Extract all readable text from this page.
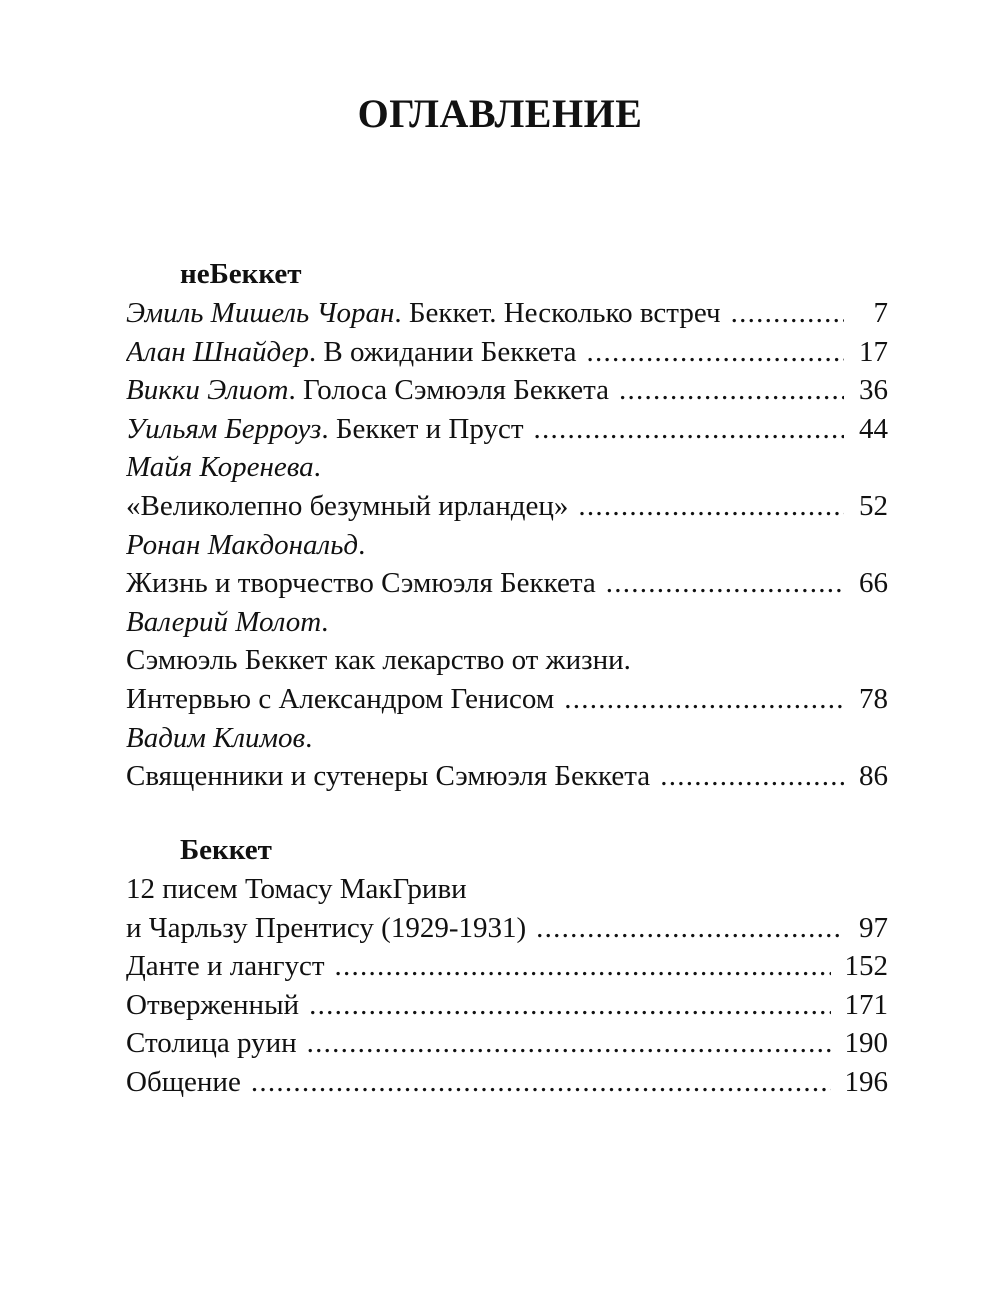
ОГЛАВЛЕНИЕ
неБеккет
Эмиль Мишель Чоран. Беккет. Несколько встреч . . .	7
Алан Шнайдер. В ожидании Беккета . . .	17
Викки Элиот. Голоса Сэмюэля Беккета . . .	36
Уильям Берроуз. Беккет и Пруст . . .	44
Майя Коренева.
«Великолепно безумный ирландец» . . .	52
Ронан Макдональд.
Жизнь и творчество Сэмюэля Беккета . . .	66
Валерий Молот.
Сэмюэль Беккет как лекарство от жизни.
Интервью с Александром Генисом . . .	78
Вадим Климов.
Священники и сутенеры Сэмюэля Беккета . . .	86
Беккет
12 писем Томасу МакГриви
и Чарльзу Прентису (1929-1931) . . .	97
Данте и лангуст . . .	152
Отверженный . . .	171
Столица руин . . .	190
Общение . . .	196
